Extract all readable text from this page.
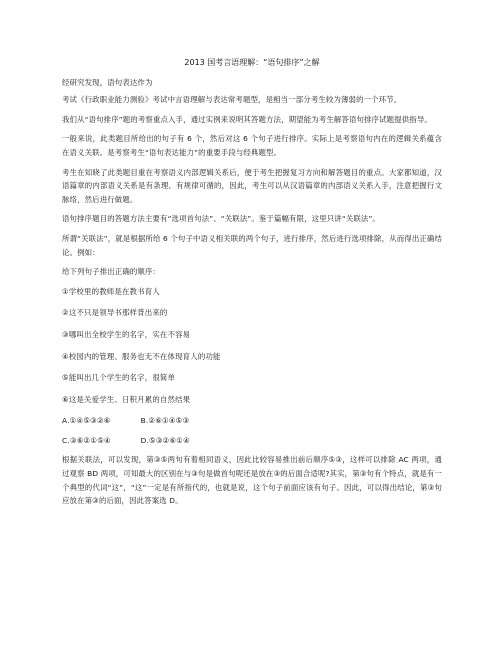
2013 国考言语理解：“语句排序”之解

经研究发现，语句表达作为

考试《行政职业能力测验》考试中言语理解与表达常考题型，是相当一部分考生较为薄弱的一个环节。

我们从“语句排序”题的考察重点入手，通过实例来说明其答题方法，期望能为考生解答语句排序试题提供指导。

一般来说，此类题目所给出的句子有 6 个，然后对这 6 个句子进行排序。实际上是考察语句内在的逻辑关系蕴含在语义关联。是考察考生“语句表达能力”的重要手段与经典题型。

考生在知晓了此类题目重在考察语义内部逻辑关系后，便于考生把握复习方向和解答题目的重点。大家都知道，汉语篇章的内部语义关系是有条理、有规律可循的，因此，考生可以从汉语篇章的内部语义关系入手，注意把握行文脉络，然后进行做题。

语句排序题目的答题方法主要有“选项首句法”、“关联法”。鉴于篇幅有限，这里只讲“关联法”。

所谓“关联法”，就是根据所给 6 个句子中语义相关联的两个句子，进行排序，然后进行选项排除，从而得出正确结论。例如：

给下列句子排出正确的顺序：

①学校里的教师是在教书育人
②这不只是领导书那样背出来的
③哪叫出全校学生的名字，实在不容易
④校园内的管理、服务也无不在体现育人的功能
⑤能叫出几个学生的名字，很简单
⑥这是关爱学生、日积月累的自然结果
A.①④⑤③②⑥	B.②⑥①④⑤③
C.③⑥②①⑤④	D.⑤③②⑥①④

根据关联法，可以发现，第③⑤两句有着相同语义，因此比较容易推出前后顺序⑤③，这样可以排除 AC 两项，通过观察 BD 两项，可知最大的区别在与③句是做首句呢还是放在③的后面合适呢?其实，第③句有个特点，就是有一个典型的代词“这”，“这”一定是有所指代的，也就是说，这个句子前面应该有句子。因此，可以得出结论，第③句应放在第③的后面，因此答案选 D。
